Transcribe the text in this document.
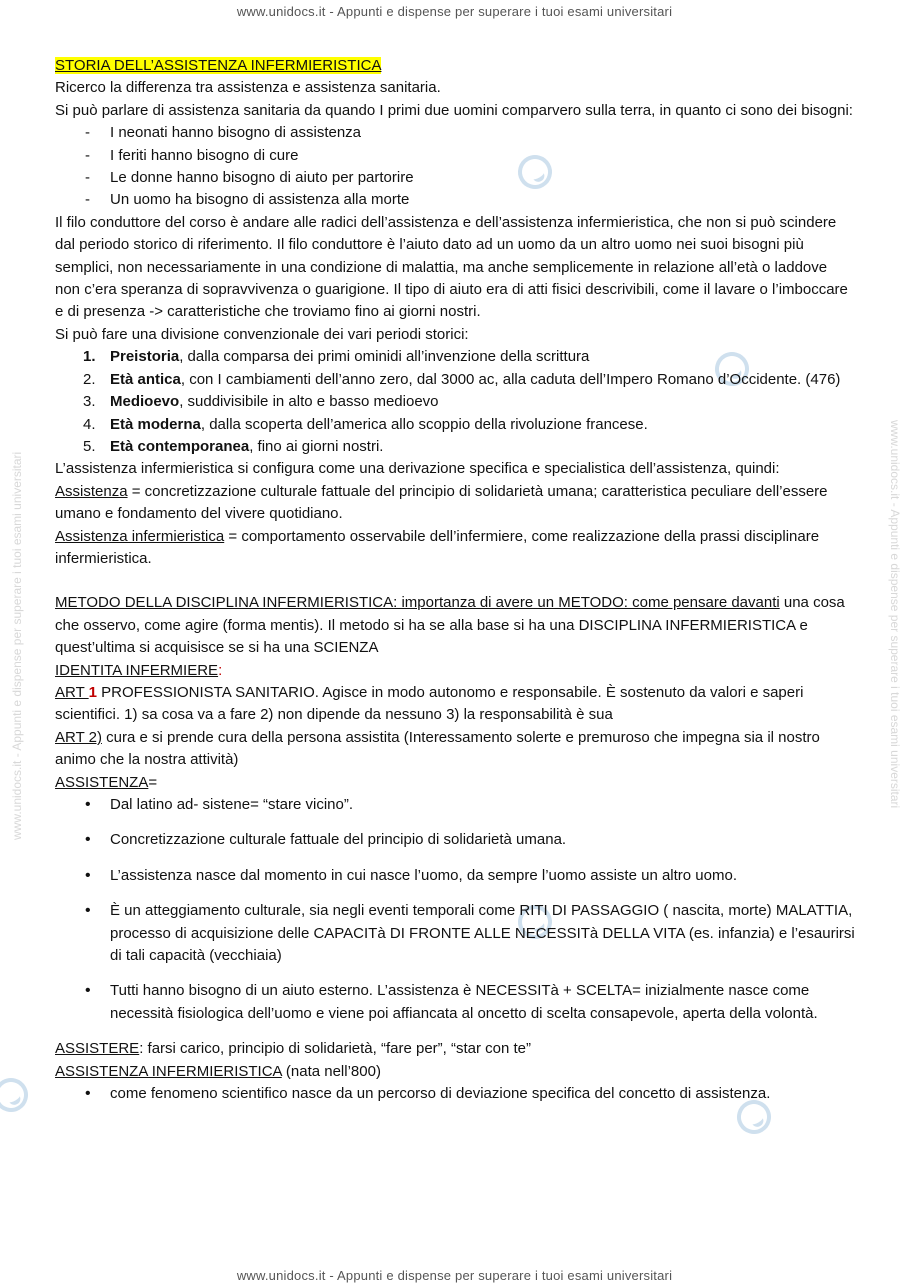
www.unidocs.it - Appunti e dispense per superare i tuoi esami universitari	www.unidocs.it - Appunti e dispense per superare i tuoi esami universitari
www.unidocs.it - Appunti e dispense per superare i tuoi esami universitari
www.unidocs.it - Appunti e dispense per superare i tuoi esami universitari

STORIA DELL’ASSISTENZA INFERMIERISTICA

Ricerco la differenza tra assistenza e assistenza sanitaria.

Si può parlare di assistenza sanitaria da quando I primi due uomini comparvero sulla terra, in quanto ci sono dei bisogni:

- I neonati hanno bisogno di assistenza
- I feriti hanno bisogno di cure
- Le donne hanno bisogno di aiuto per partorire
- Un uomo ha bisogno di assistenza alla morte

Il filo conduttore del corso è andare alle radici dell’assistenza e dell’assistenza infermieristica, che non si può scindere dal periodo storico di riferimento. Il filo conduttore è l’aiuto dato ad un uomo da un altro uomo nei suoi bisogni più semplici, non necessariamente in una condizione di malattia, ma anche semplicemente in relazione all’età o laddove non c’era speranza di sopravvivenza o guarigione. Il tipo di aiuto era di atti fisici descrivibili, come il lavare o l’imboccare e di presenza -> caratteristiche che troviamo fino ai giorni nostri.

Si può fare una divisione convenzionale dei vari periodi storici:

1. Preistoria, dalla comparsa dei primi ominidi all’invenzione della scrittura
2. Età antica, con I cambiamenti dell’anno zero, dal 3000 ac, alla caduta dell’Impero Romano d’Occidente. (476)
3. Medioevo, suddivisibile in alto e basso medioevo
4. Età moderna, dalla scoperta dell’america allo scoppio della rivoluzione francese.
5. Età contemporanea, fino ai giorni nostri.

L’assistenza infermieristica si configura come una derivazione specifica e specialistica dell’assistenza, quindi:

Assistenza = concretizzazione culturale fattuale del principio di solidarietà umana; caratteristica peculiare dell’essere umano e fondamento del vivere quotidiano.

Assistenza infermieristica = comportamento osservabile dell’infermiere, come realizzazione della prassi disciplinare infermieristica.

METODO DELLA DISCIPLINA INFERMIERISTICA: importanza di avere un METODO: come pensare davanti una cosa che osservo, come agire (forma mentis). Il metodo si ha se alla base si ha una DISCIPLINA INFERMIERISTICA e quest’ultima si acquisisce se si ha una SCIENZA

IDENTITA INFERMIERE:

ART 1 PROFESSIONISTA SANITARIO. Agisce in modo autonomo e responsabile. È sostenuto da valori e saperi scientifici. 1) sa cosa va a fare 2) non dipende da nessuno 3) la responsabilità è sua

ART 2) cura e si prende cura della persona assistita (Interessamento solerte e premuroso che impegna sia il nostro animo che la nostra attività)

ASSISTENZA=

• Dal latino ad- sistene= “stare vicino”.
• Concretizzazione culturale fattuale del principio di solidarietà umana.
• L’assistenza nasce dal momento in cui nasce l’uomo, da sempre l’uomo assiste un altro uomo.
• È un atteggiamento culturale, sia negli eventi temporali come RITI DI PASSAGGIO ( nascita, morte) MALATTIA, processo di acquisizione delle CAPACITà DI FRONTE ALLE NECESSITà DELLA VITA (es. infanzia) e l’esaurirsi di tali capacità (vecchiaia)
• Tutti hanno bisogno di un aiuto esterno. L’assistenza è NECESSITà + SCELTA= inizialmente nasce come necessità fisiologica dell’uomo e viene poi affiancata al oncetto di scelta consapevole, aperta della volontà.

ASSISTERE: farsi carico, principio di solidarietà, “fare per”, “star con te”

ASSISTENZA INFERMIERISTICA (nata nell’800)

• come fenomeno scientifico nasce da un percorso di deviazione specifica del concetto di assistenza.
